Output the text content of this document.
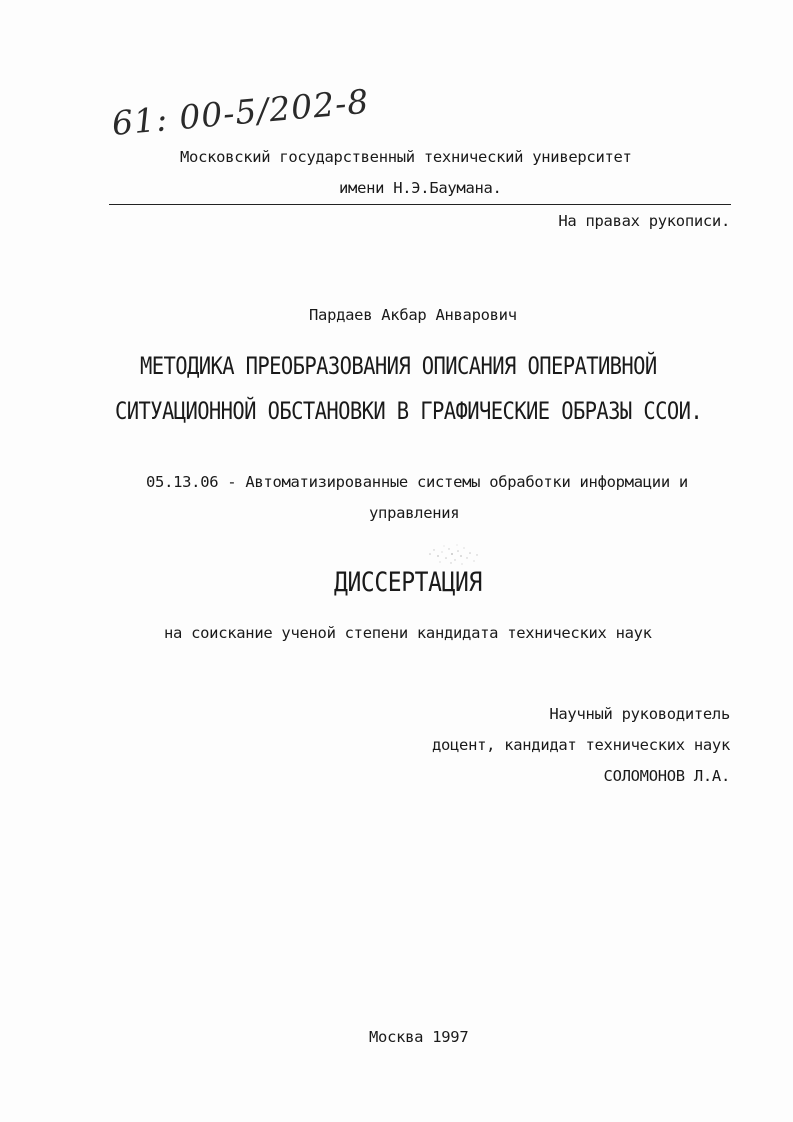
61: 00-5/202-8
Московский государственный технический университет
имени Н.Э.Баумана.
На правах рукописи.
Пардаев Акбар Анварович
МЕТОДИКА ПРЕОБРАЗОВАНИЯ ОПИСАНИЯ ОПЕРАТИВНОЙ
СИТУАЦИОННОЙ ОБСТАНОВКИ В ГРАФИЧЕСКИЕ ОБРАЗЫ ССОИ.
05.13.06 - Автоматизированные системы обработки информации и
управления
ДИССЕРТАЦИЯ
на соискание ученой степени кандидата технических наук
Научный руководитель
доцент, кандидат технических наук
СОЛОМОНОВ Л.А.
Москва 1997
